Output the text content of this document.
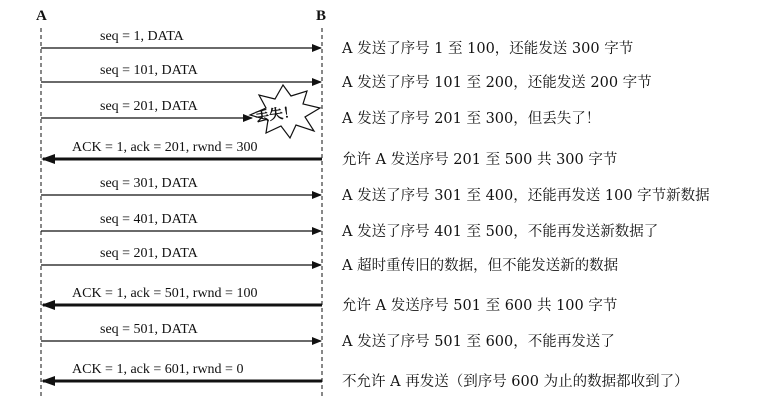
A	B
seq = 1, DATA
seq = 101, DATA
seq = 201, DATA
ACK = 1, ack = 201, rwnd = 300
seq = 301, DATA
seq = 401, DATA
seq = 201, DATA
ACK = 1, ack = 501, rwnd = 100
seq = 501, DATA
ACK = 1, ack = 601, rwnd = 0
A 发送了序号 1 至 100，还能发送 300 字节
A 发送了序号 101 至 200，还能发送 200 字节
A 发送了序号 201 至 300，但丢失了！
允许 A 发送序号 201 至 500 共 300 字节
A 发送了序号 301 至 400，还能再发送 100 字节新数据
A 发送了序号 401 至 500，不能再发送新数据了
A 超时重传旧的数据，但不能发送新的数据
允许 A 发送序号 501 至 600 共 100 字节
A 发送了序号 501 至 600，不能再发送了
不允许 A 再发送（到序号 600 为止的数据都收到了）
丢失！
